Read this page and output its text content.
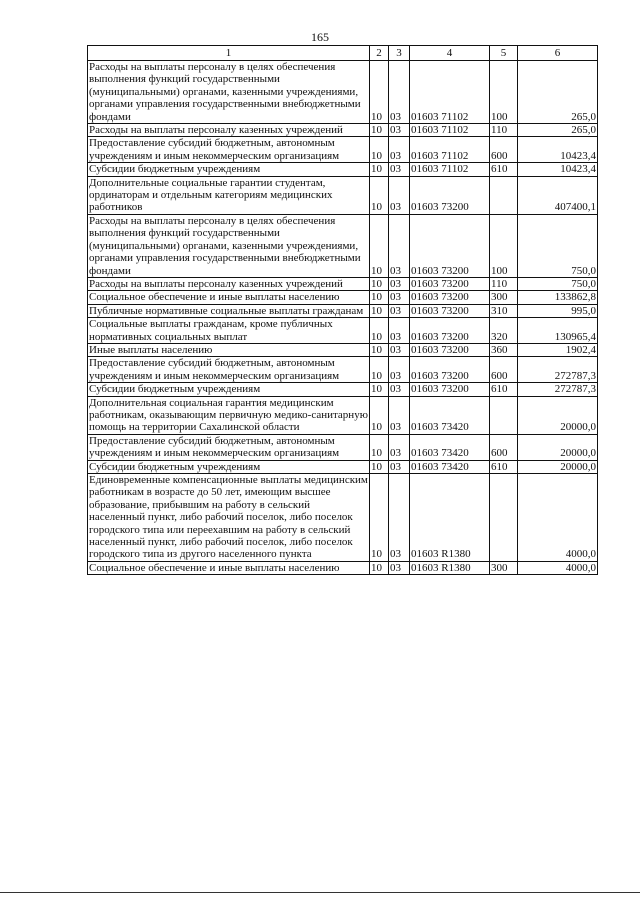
165
1	2	3	4	5	6
Расходы на выплаты персоналу в целях обеспечения выполнения функций государственными (муниципальными) органами, казенными учреждениями, органами управления государственными внебюджетными фондами	10	03	01603 71102	100	265,0
Расходы на выплаты персоналу казенных учреждений	10	03	01603 71102	110	265,0
Предоставление субсидий бюджетным, автономным учреждениям и иным некоммерческим организациям	10	03	01603 71102	600	10423,4
Субсидии бюджетным учреждениям	10	03	01603 71102	610	10423,4
Дополнительные социальные гарантии студентам, ординаторам и отдельным категориям медицинских работников	10	03	01603 73200		407400,1
Расходы на выплаты персоналу в целях обеспечения выполнения функций государственными (муниципальными) органами, казенными учреждениями, органами управления государственными внебюджетными фондами	10	03	01603 73200	100	750,0
Расходы на выплаты персоналу казенных учреждений	10	03	01603 73200	110	750,0
Социальное обеспечение и иные выплаты населению	10	03	01603 73200	300	133862,8
Публичные нормативные социальные выплаты гражданам	10	03	01603 73200	310	995,0
Социальные выплаты гражданам, кроме публичных нормативных социальных выплат	10	03	01603 73200	320	130965,4
Иные выплаты населению	10	03	01603 73200	360	1902,4
Предоставление субсидий бюджетным, автономным учреждениям и иным некоммерческим организациям	10	03	01603 73200	600	272787,3
Субсидии бюджетным учреждениям	10	03	01603 73200	610	272787,3
Дополнительная социальная гарантия медицинским работникам, оказывающим первичную медико-санитарную помощь на территории Сахалинской области	10	03	01603 73420		20000,0
Предоставление субсидий бюджетным, автономным учреждениям и иным некоммерческим организациям	10	03	01603 73420	600	20000,0
Субсидии бюджетным учреждениям	10	03	01603 73420	610	20000,0
Единовременные компенсационные выплаты медицинским работникам в возрасте до 50 лет, имеющим высшее образование, прибывшим на работу в сельский населенный пункт, либо рабочий поселок, либо поселок городского типа или переехавшим на работу в сельский населенный пункт, либо рабочий поселок, либо поселок городского типа из другого населенного пункта	10	03	01603 R1380		4000,0
Социальное обеспечение и иные выплаты населению	10	03	01603 R1380	300	4000,0
